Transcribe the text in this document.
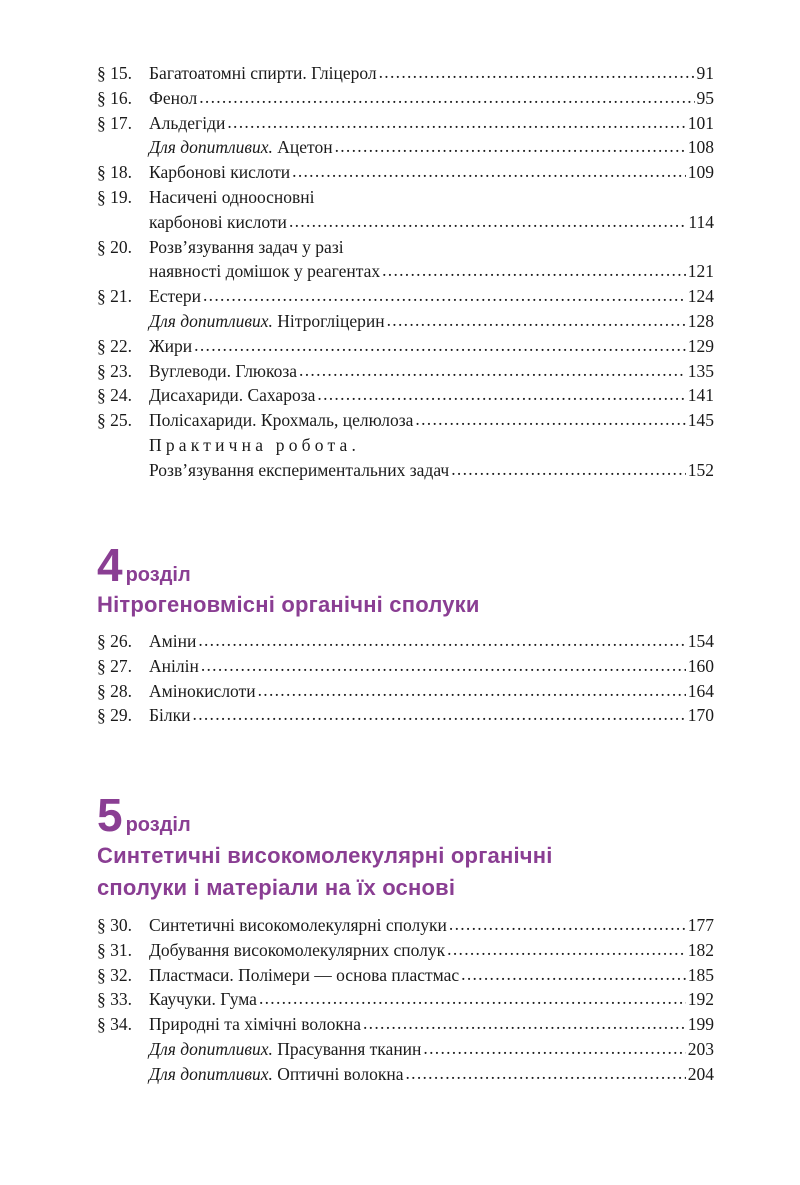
§ 15. Багатоатомні спирти. Гліцерол .....	91
§ 16. Фенол .....	95
§ 17. Альдегіди .....	101
Для допитливих. Ацетон .....	108
§ 18. Карбонові кислоти .....	109
§ 19. Насичені одноосновні
карбонові кислоти .....	114
§ 20. Розв’язування задач у разі
наявності домішок у реагентах .....	121
§ 21. Естери .....	124
Для допитливих. Нітрогліцерин .....	128
§ 22. Жири .....	129
§ 23. Вуглеводи. Глюкоза .....	135
§ 24. Дисахариди. Сахароза .....	141
§ 25. Полісахариди. Крохмаль, целюлоза .....	145
Практична робота.
Розв’язування експериментальних задач .....	152
4 розділ
Нітрогеновмісні органічні сполуки
§ 26. Аміни .....	154
§ 27. Анілін .....	160
§ 28. Амінокислоти .....	164
§ 29. Білки .....	170
5 розділ
Синтетичні високомолекулярні органічні
сполуки і матеріали на їх основі
§ 30. Синтетичні високомолекулярні сполуки .....	177
§ 31. Добування високомолекулярних сполук .....	182
§ 32. Пластмаси. Полімери — основа пластмас .....	185
§ 33. Каучуки. Гума .....	192
§ 34. Природні та хімічні волокна .....	199
Для допитливих. Прасування тканин .....	203
Для допитливих. Оптичні волокна .....	204
